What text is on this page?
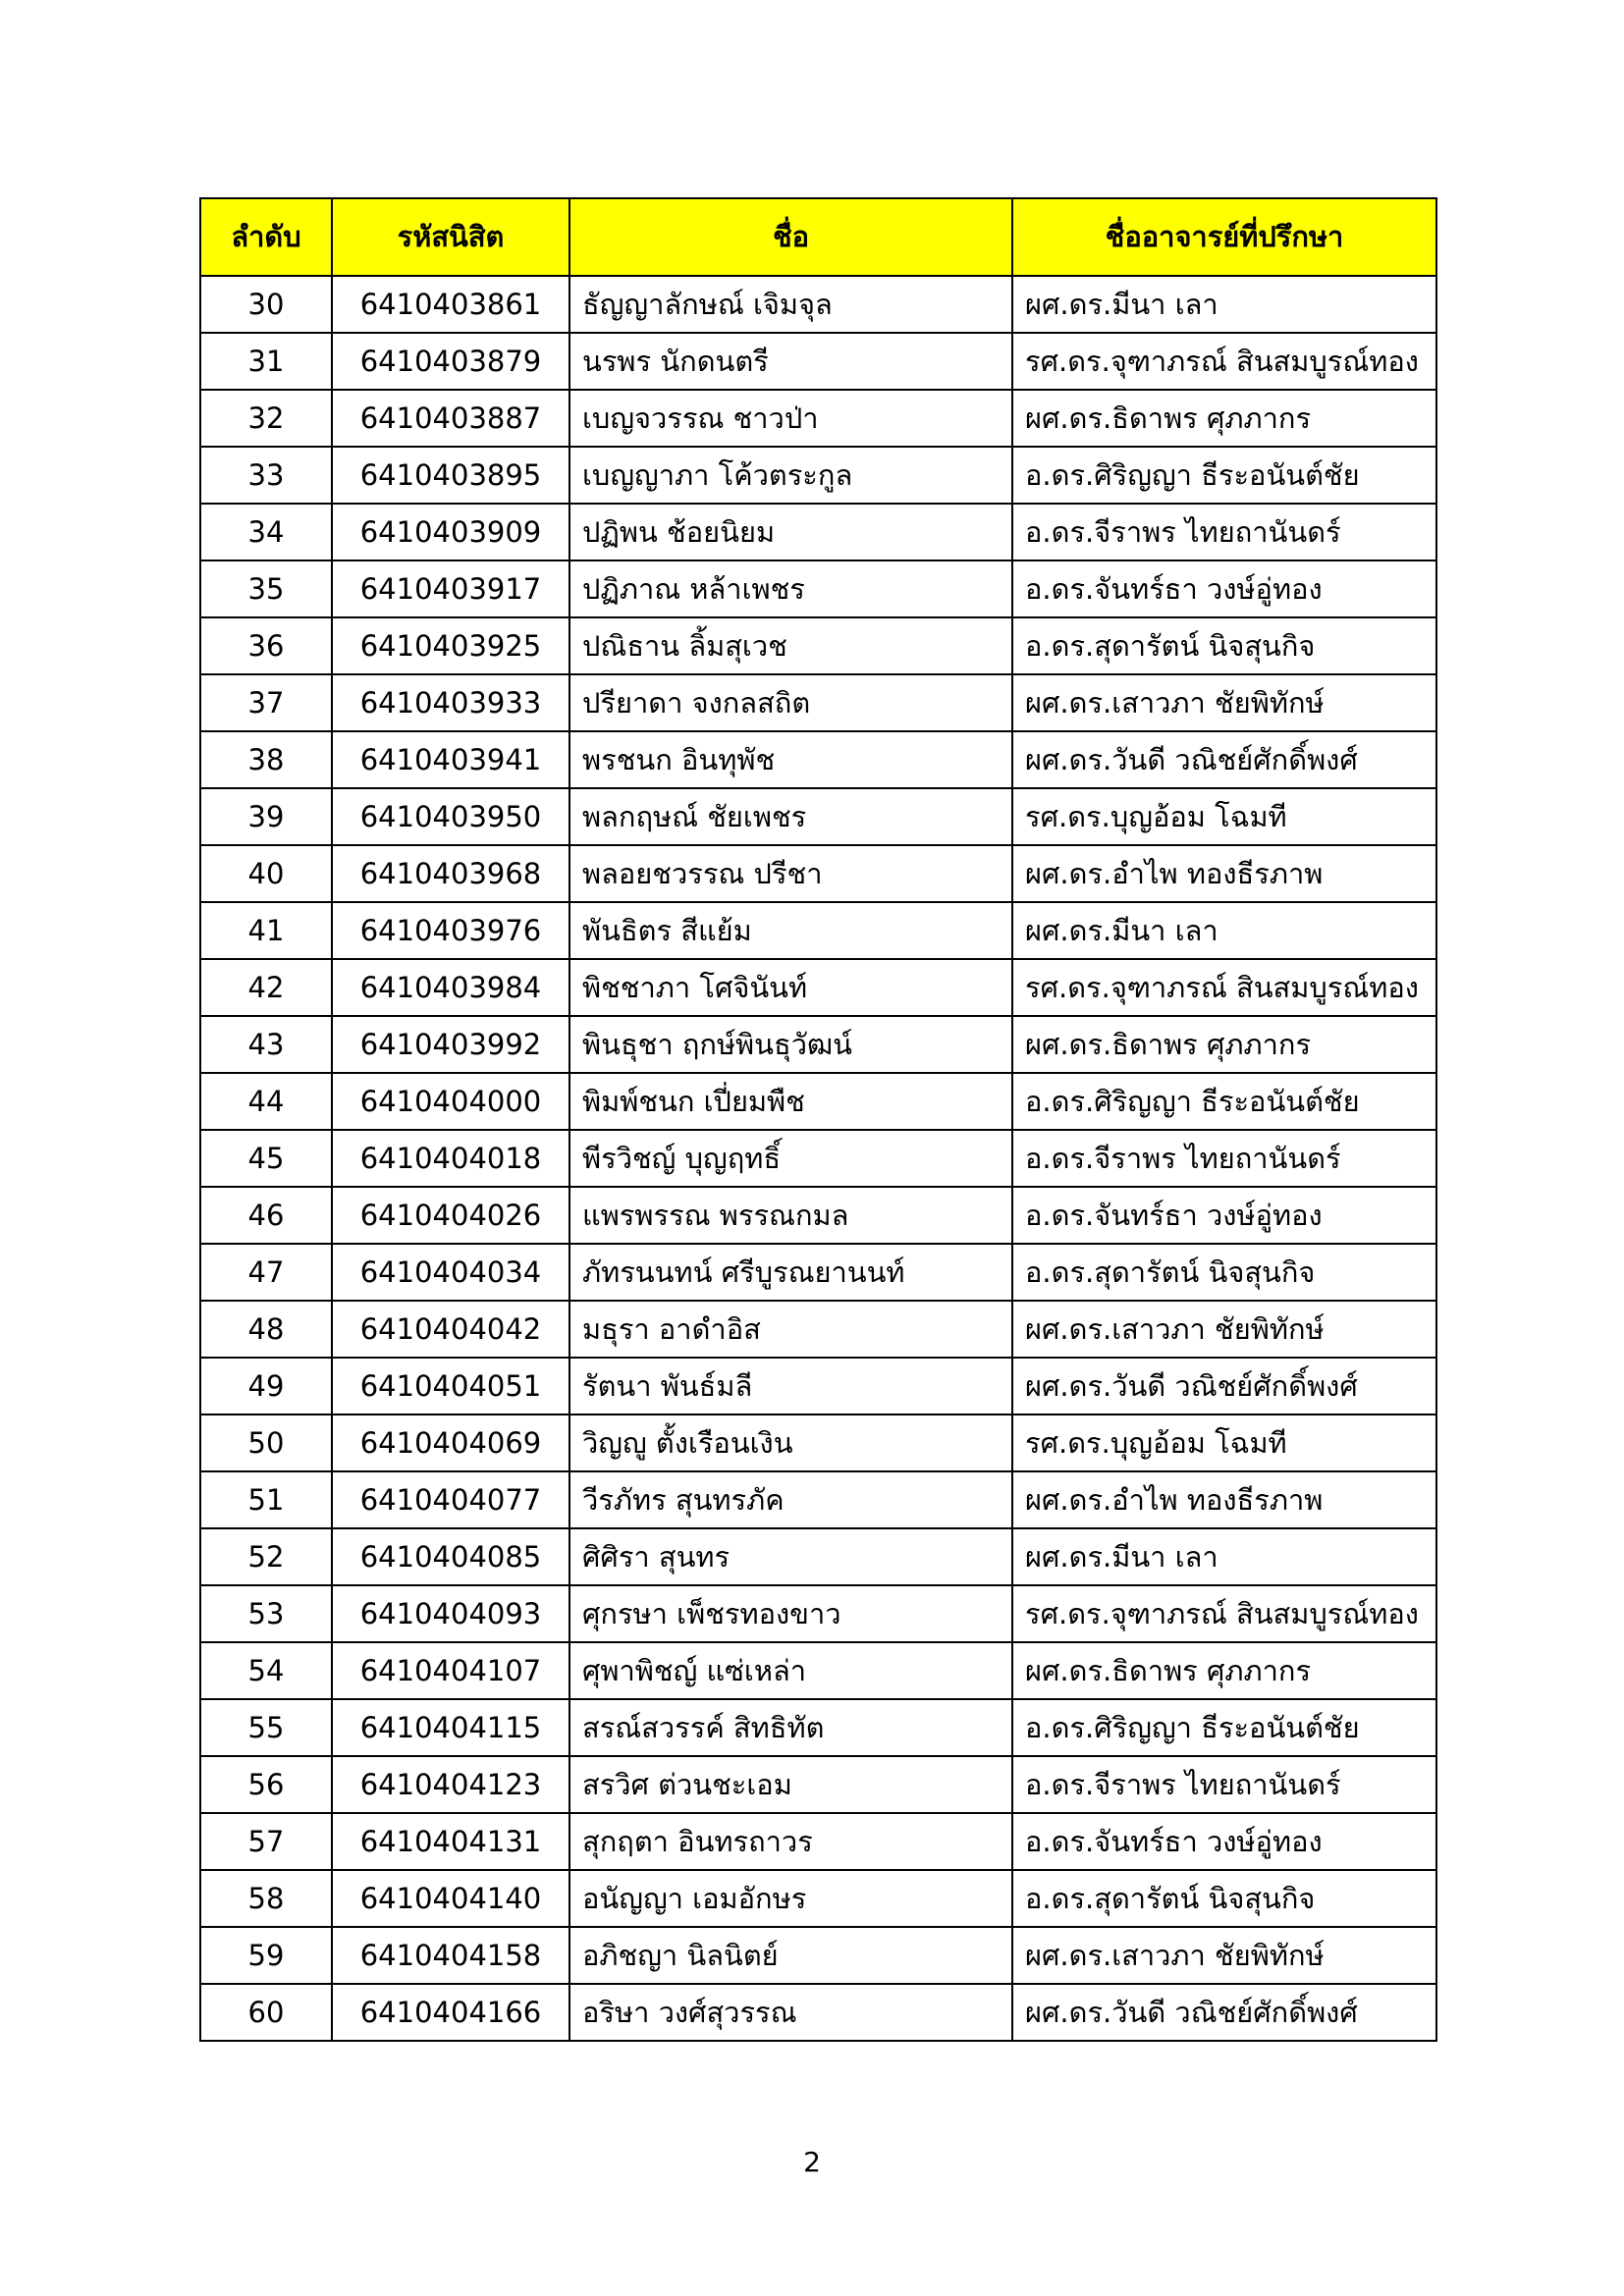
ลำดับ	รหัสนิสิต	ชื่อ	ชื่ออาจารย์ที่ปรึกษา
30	6410403861	ธัญญาลักษณ์ เจิมจุล	ผศ.ดร.มีนา เลา
31	6410403879	นรพร นักดนตรี	รศ.ดร.จุฑาภรณ์ สินสมบูรณ์ทอง
32	6410403887	เบญจวรรณ ชาวป่า	ผศ.ดร.ธิดาพร ศุภภากร
33	6410403895	เบญญาภา โค้วตระกูล	อ.ดร.ศิริญญา ธีระอนันต์ชัย
34	6410403909	ปฏิพน ช้อยนิยม	อ.ดร.จีราพร ไทยถานันดร์
35	6410403917	ปฏิภาณ หล้าเพชร	อ.ดร.จันทร์ธา วงษ์อู่ทอง
36	6410403925	ปณิธาน ลิ้มสุเวช	อ.ดร.สุดารัตน์ นิจสุนกิจ
37	6410403933	ปรียาดา จงกลสถิต	ผศ.ดร.เสาวภา ชัยพิทักษ์
38	6410403941	พรชนก อินทุพัช	ผศ.ดร.วันดี วณิชย์ศักดิ์พงศ์
39	6410403950	พลกฤษณ์ ชัยเพชร	รศ.ดร.บุญอ้อม โฉมที
40	6410403968	พลอยชวรรณ ปรีชา	ผศ.ดร.อำไพ ทองธีรภาพ
41	6410403976	พันธิตร สีแย้ม	ผศ.ดร.มีนา เลา
42	6410403984	พิชชาภา โศจินันท์	รศ.ดร.จุฑาภรณ์ สินสมบูรณ์ทอง
43	6410403992	พินธุชา ฤกษ์พินธุวัฒน์	ผศ.ดร.ธิดาพร ศุภภากร
44	6410404000	พิมพ์ชนก เปี่ยมพืช	อ.ดร.ศิริญญา ธีระอนันต์ชัย
45	6410404018	พีรวิชญ์ บุญฤทธิ์	อ.ดร.จีราพร ไทยถานันดร์
46	6410404026	แพรพรรณ พรรณกมล	อ.ดร.จันทร์ธา วงษ์อู่ทอง
47	6410404034	ภัทรนนทน์ ศรีบูรณยานนท์	อ.ดร.สุดารัตน์ นิจสุนกิจ
48	6410404042	มธุรา อาดำอิส	ผศ.ดร.เสาวภา ชัยพิทักษ์
49	6410404051	รัตนา พันธ์มลี	ผศ.ดร.วันดี วณิชย์ศักดิ์พงศ์
50	6410404069	วิญญู ตั้งเรือนเงิน	รศ.ดร.บุญอ้อม โฉมที
51	6410404077	วีรภัทร สุนทรภัค	ผศ.ดร.อำไพ ทองธีรภาพ
52	6410404085	ศิศิรา สุนทร	ผศ.ดร.มีนา เลา
53	6410404093	ศุกรษา เพ็ชรทองขาว	รศ.ดร.จุฑาภรณ์ สินสมบูรณ์ทอง
54	6410404107	ศุพาพิชญ์ แซ่เหล่า	ผศ.ดร.ธิดาพร ศุภภากร
55	6410404115	สรณ์สวรรค์ สิทธิทัต	อ.ดร.ศิริญญา ธีระอนันต์ชัย
56	6410404123	สรวิศ ต่วนชะเอม	อ.ดร.จีราพร ไทยถานันดร์
57	6410404131	สุกฤตา อินทรถาวร	อ.ดร.จันทร์ธา วงษ์อู่ทอง
58	6410404140	อนัญญา เอมอักษร	อ.ดร.สุดารัตน์ นิจสุนกิจ
59	6410404158	อภิชญา นิลนิตย์	ผศ.ดร.เสาวภา ชัยพิทักษ์
60	6410404166	อริษา วงศ์สุวรรณ	ผศ.ดร.วันดี วณิชย์ศักดิ์พงศ์
2
